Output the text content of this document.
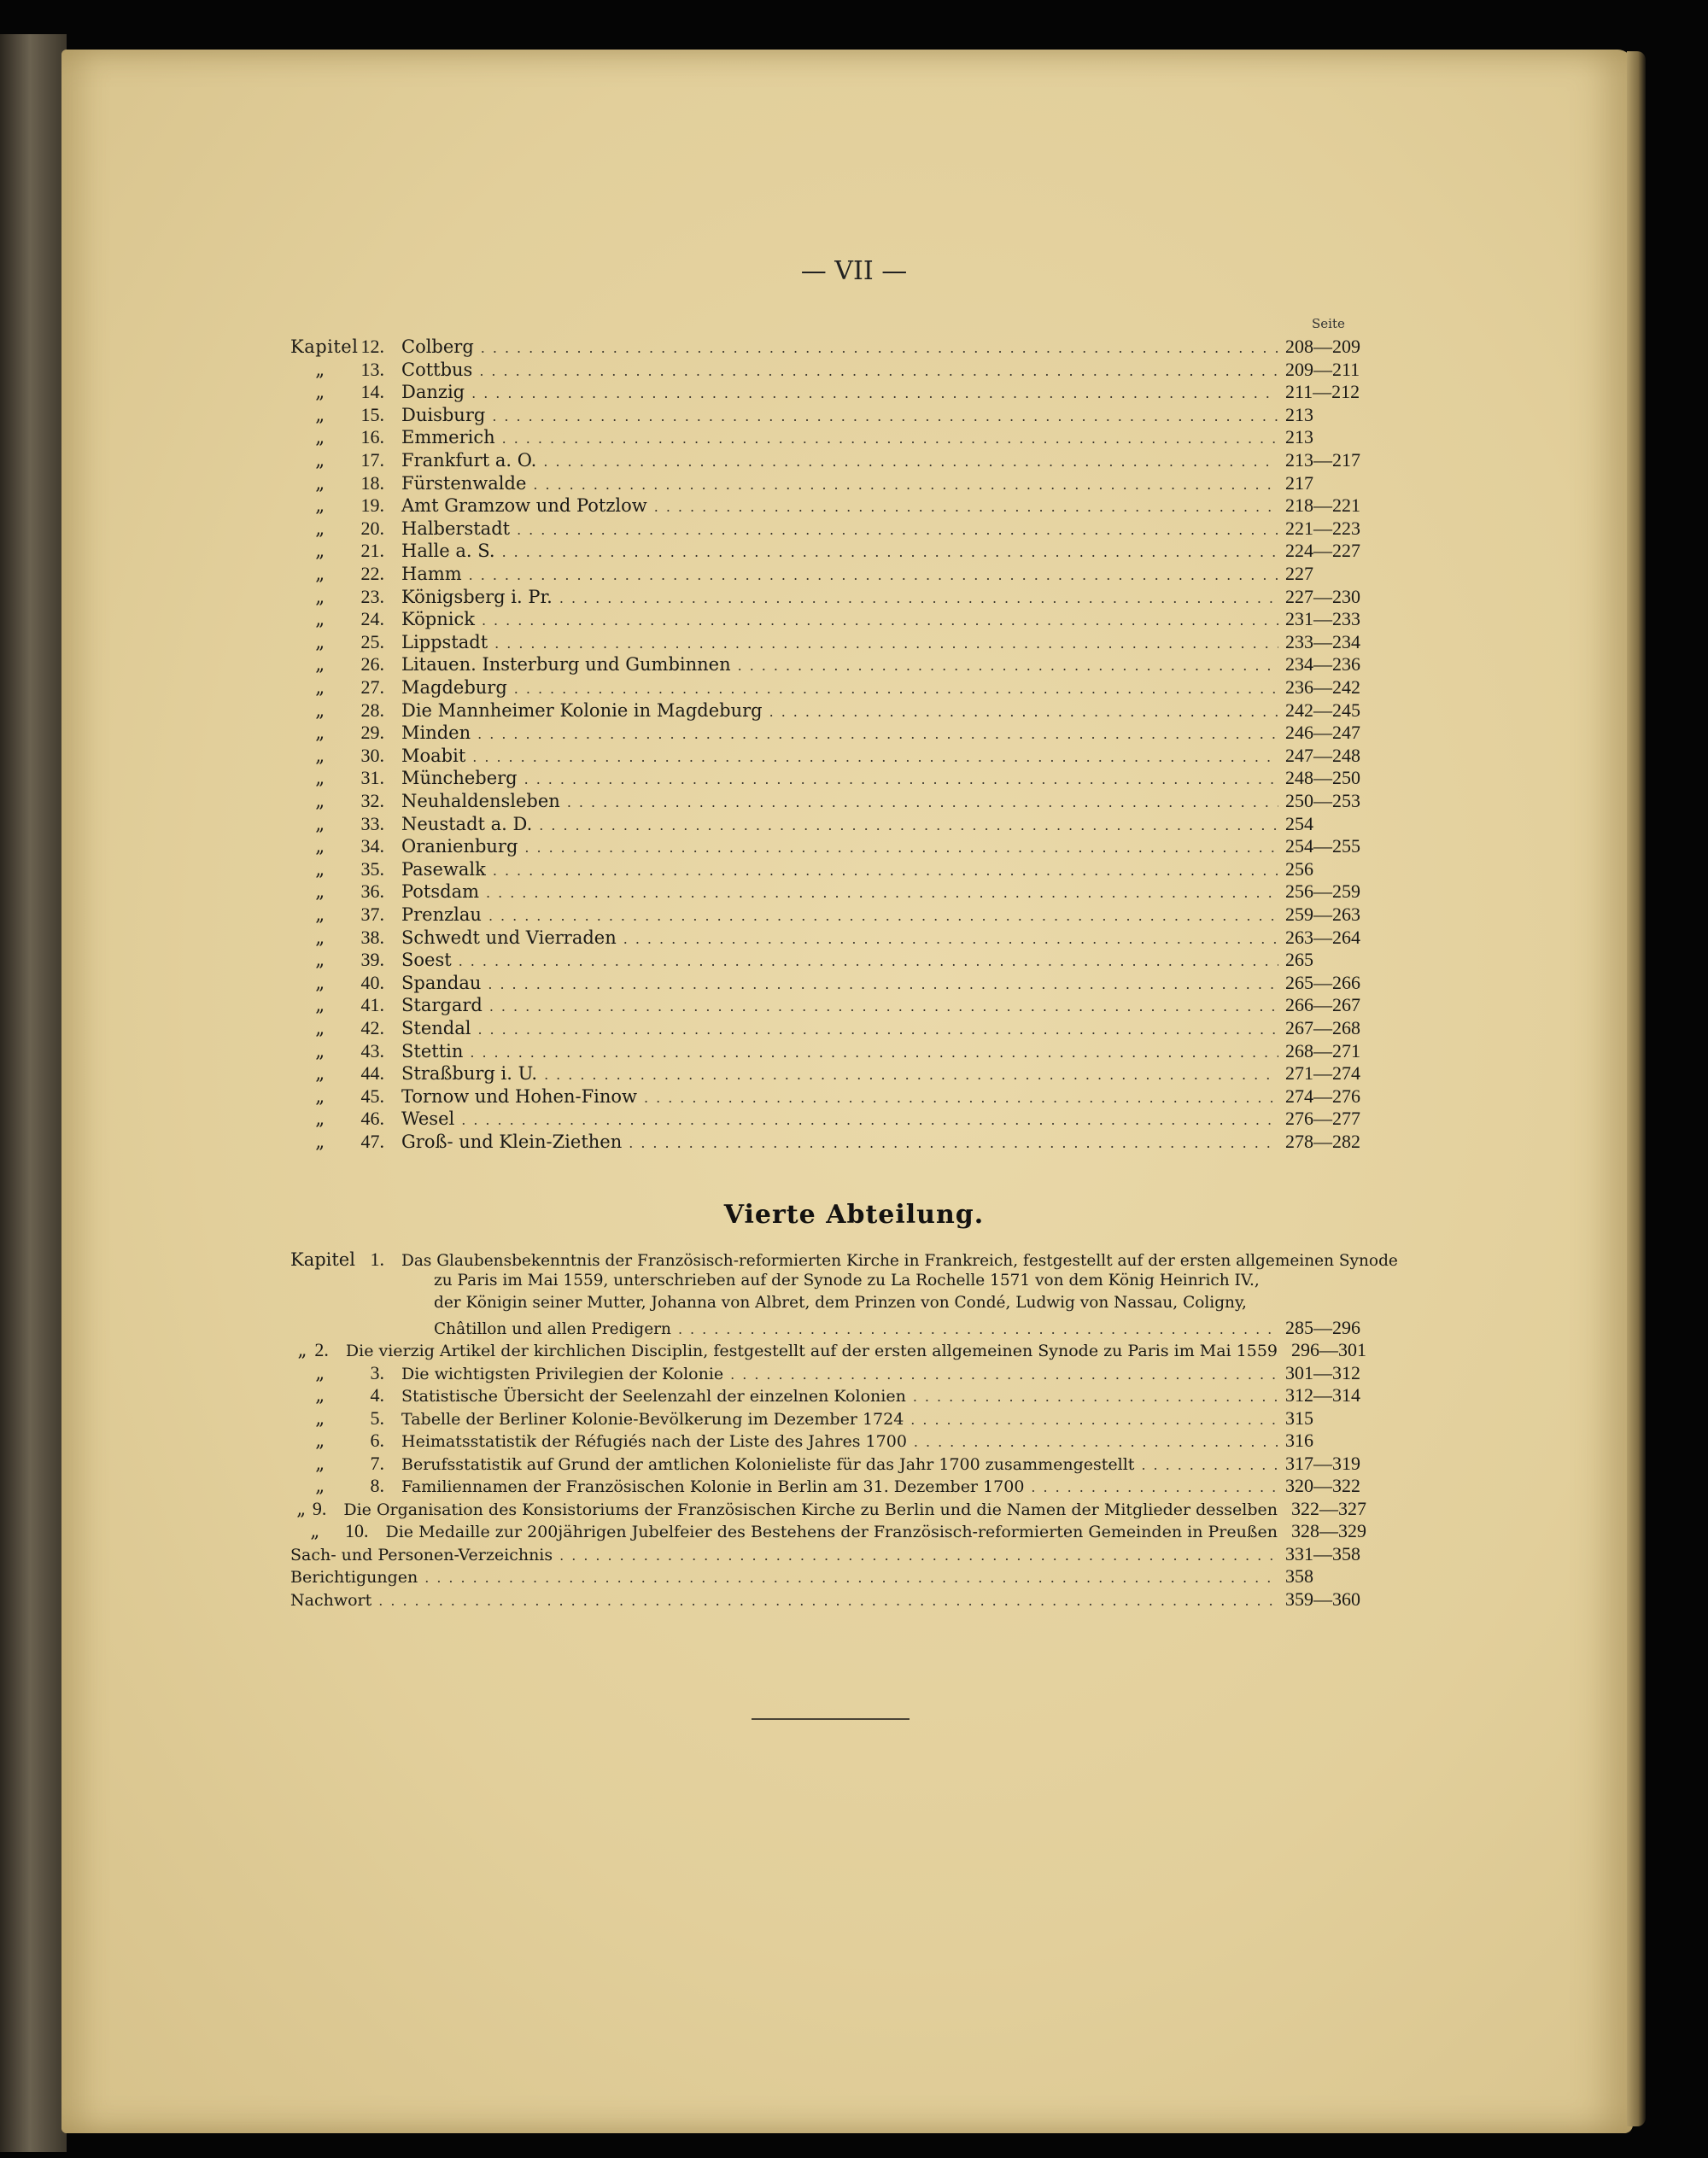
— VII —
Seite
Kapitel 12. Colberg .....	208—209
„	13. Cottbus .....	209—211
„	14. Danzig .....	211—212
„	15. Duisburg .....	213
„	16. Emmerich .....	213
„	17. Frankfurt a. O. .....	213—217
„	18. Fürstenwalde .....	217
„	19. Amt Gramzow und Potzlow .....	218—221
„	20. Halberstadt .....	221—223
„	21. Halle a. S. .....	224—227
„	22. Hamm .....	227
„	23. Königsberg i. Pr. .....	227—230
„	24. Köpnick .....	231—233
„	25. Lippstadt .....	233—234
„	26. Litauen. Insterburg und Gumbinnen .....	234—236
„	27. Magdeburg .....	236—242
„	28. Die Mannheimer Kolonie in Magdeburg .....	242—245
„	29. Minden .....	246—247
„	30. Moabit .....	247—248
„	31. Müncheberg .....	248—250
„	32. Neuhaldensleben .....	250—253
„	33. Neustadt a. D. .....	254
„	34. Oranienburg .....	254—255
„	35. Pasewalk .....	256
„	36. Potsdam .....	256—259
„	37. Prenzlau .....	259—263
„	38. Schwedt und Vierraden .....	263—264
„	39. Soest .....	265
„	40. Spandau .....	265—266
„	41. Stargard .....	266—267
„	42. Stendal .....	267—268
„	43. Stettin .....	268—271
„	44. Straßburg i. U. .....	271—274
„	45. Tornow und Hohen-Finow .....	274—276
„	46. Wesel .....	276—277
„	47. Groß- und Klein-Ziethen .....	278—282
Kapitel 1. Das Glaubensbekenntnis der Französisch-reformierten Kirche in Frankreich, festgestellt auf der ersten allgemeinen Synode
zu Paris im Mai 1559, unterschrieben auf der Synode zu La Rochelle 1571 von dem König Heinrich IV.,
der Königin seiner Mutter, Johanna von Albret, dem Prinzen von Condé, Ludwig von Nassau, Coligny,
Châtillon und allen Predigern .....	285—296
„ 2. Die vierzig Artikel der kirchlichen Disciplin, festgestellt auf der ersten allgemeinen Synode zu Paris im Mai 1559 296—301
„	3. Die wichtigsten Privilegien der Kolonie .....	301—312
„	4. Statistische Übersicht der Seelenzahl der einzelnen Kolonien .....	312—314
„	5. Tabelle der Berliner Kolonie-Bevölkerung im Dezember 1724 .....	315
„	6. Heimatsstatistik der Réfugiés nach der Liste des Jahres 1700 .....	316
„	7. Berufsstatistik auf Grund der amtlichen Kolonieliste für das Jahr 1700 zusammengestellt .....	317—319
„	8. Familiennamen der Französischen Kolonie in Berlin am 31. Dezember 1700 .....	320—322
„ 9. Die Organisation des Konsistoriums der Französischen Kirche zu Berlin und die Namen der Mitglieder desselben 322—327
„	10. Die Medaille zur 200jährigen Jubelfeier des Bestehens der Französisch-reformierten Gemeinden in Preußen 328—329
Sach- und Personen-Verzeichnis .....	331—358
Berichtigungen .....	358
Nachwort .....	359—360
Vierte Abteilung.
